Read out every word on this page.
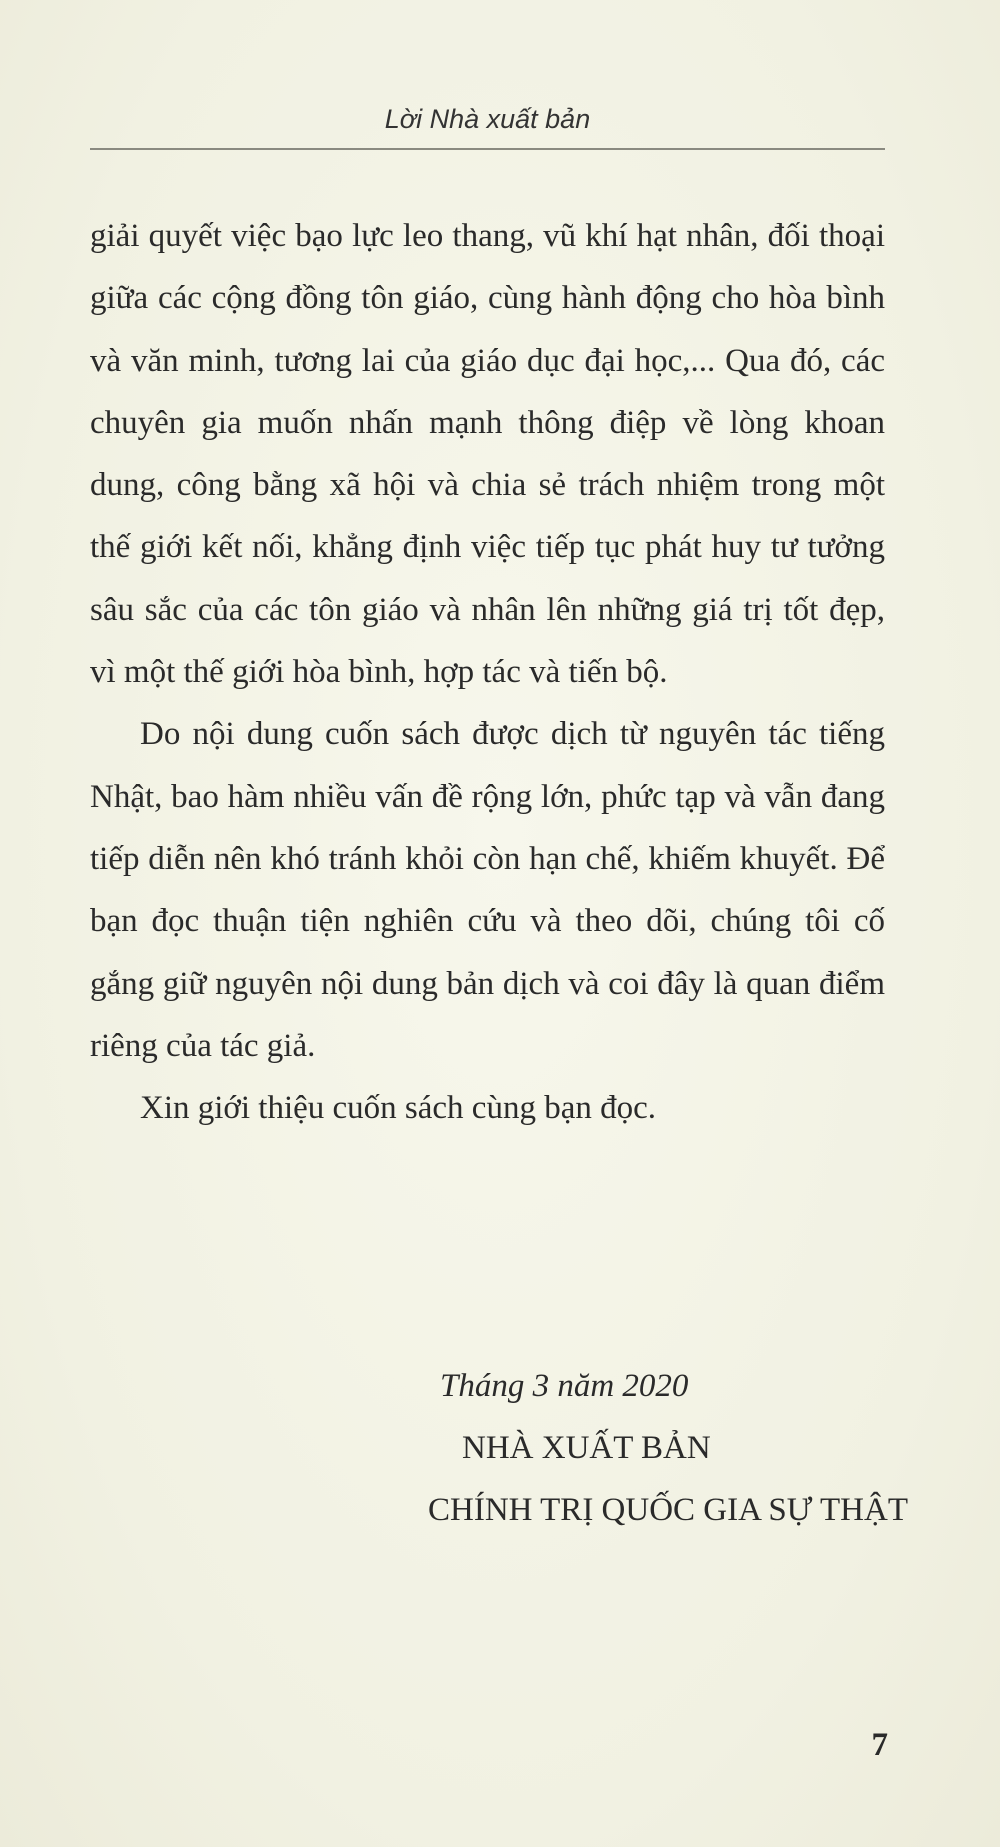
Lời Nhà xuất bản

giải quyết việc bạo lực leo thang, vũ khí hạt nhân, đối thoại giữa các cộng đồng tôn giáo, cùng hành động cho hòa bình và văn minh, tương lai của giáo dục đại học,... Qua đó, các chuyên gia muốn nhấn mạnh thông điệp về lòng khoan dung, công bằng xã hội và chia sẻ trách nhiệm trong một thế giới kết nối, khẳng định việc tiếp tục phát huy tư tưởng sâu sắc của các tôn giáo và nhân lên những giá trị tốt đẹp, vì một thế giới hòa bình, hợp tác và tiến bộ.

Do nội dung cuốn sách được dịch từ nguyên tác tiếng Nhật, bao hàm nhiều vấn đề rộng lớn, phức tạp và vẫn đang tiếp diễn nên khó tránh khỏi còn hạn chế, khiếm khuyết. Để bạn đọc thuận tiện nghiên cứu và theo dõi, chúng tôi cố gắng giữ nguyên nội dung bản dịch và coi đây là quan điểm riêng của tác giả.

Xin giới thiệu cuốn sách cùng bạn đọc.

Tháng 3 năm 2020
NHÀ XUẤT BẢN
CHÍNH TRỊ QUỐC GIA SỰ THẬT
7
